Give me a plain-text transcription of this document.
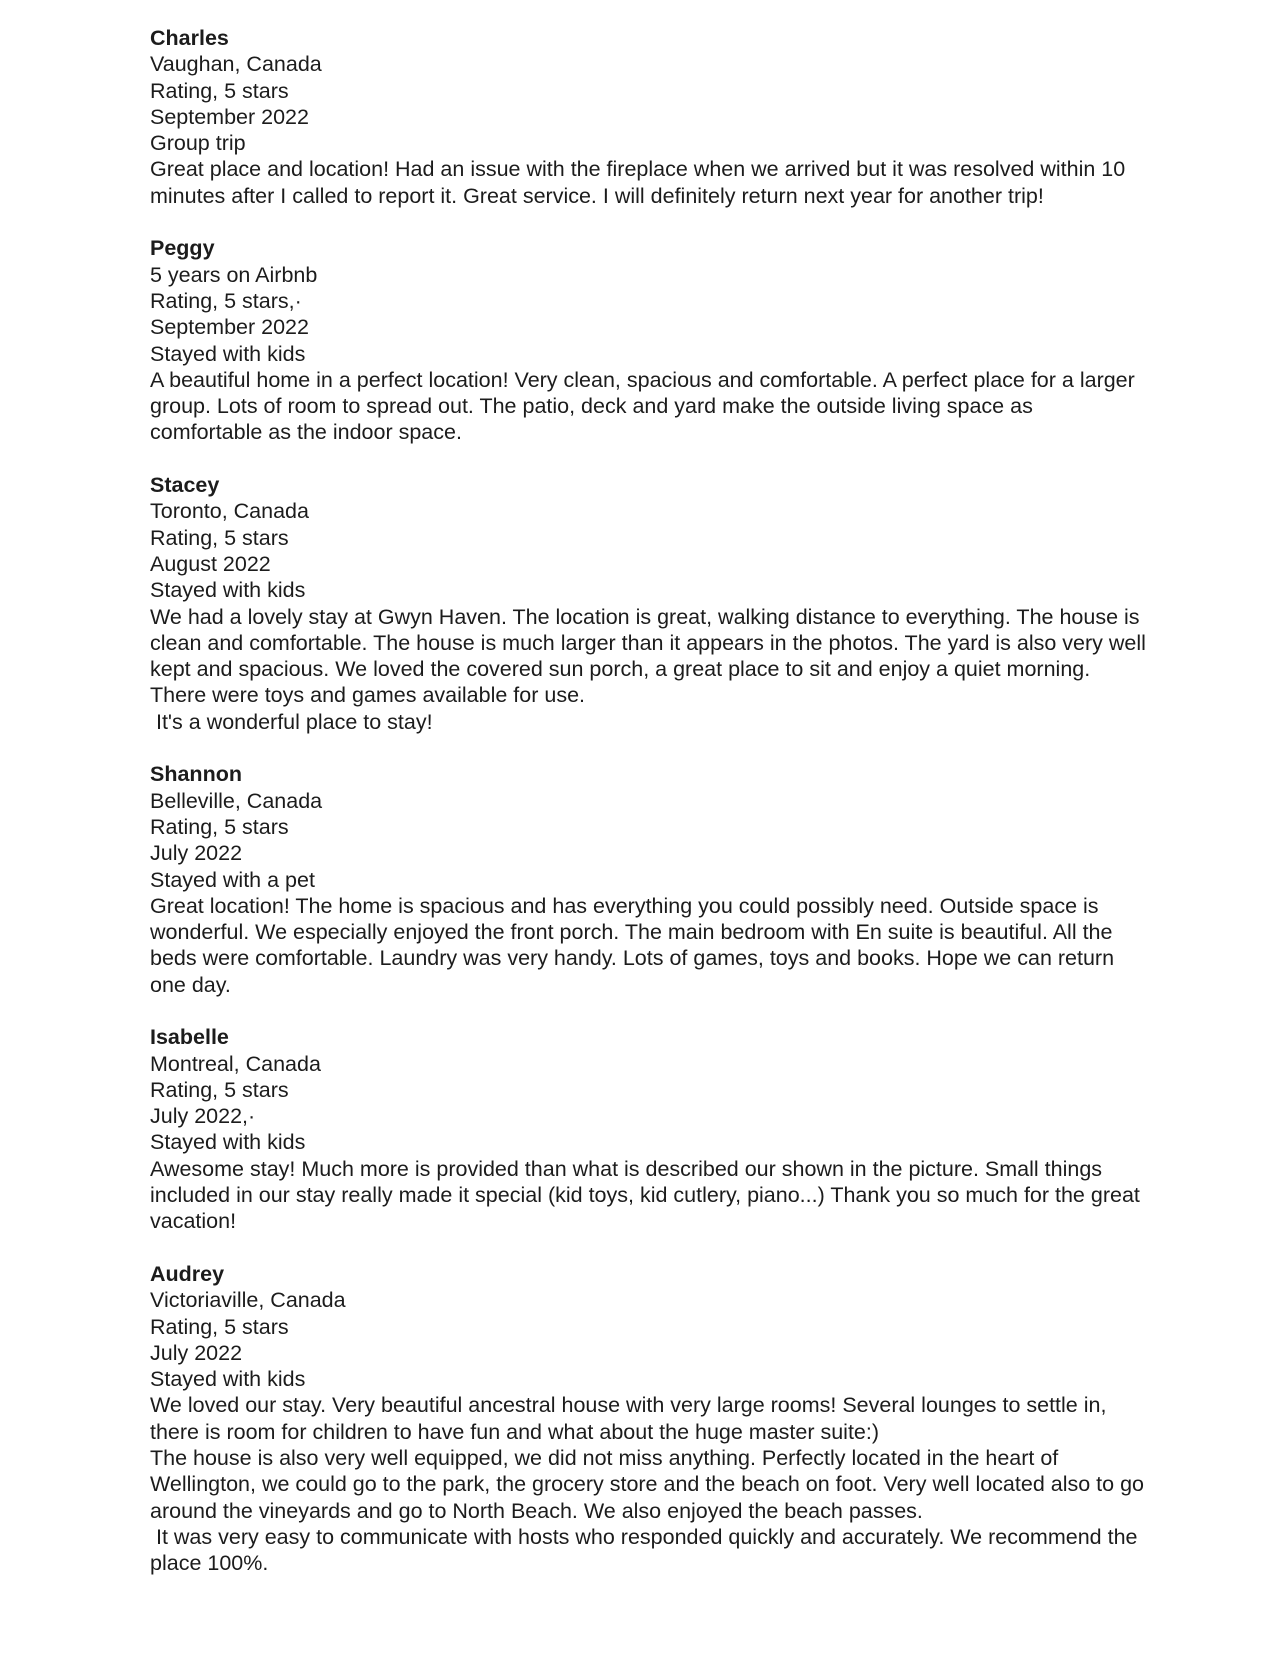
Charles
Vaughan, Canada
Rating, 5 stars
September 2022
Group trip
Great place and location! Had an issue with the fireplace when we arrived but it was resolved within 10 minutes after I called to report it. Great service. I will definitely return next year for another trip!
Peggy
5 years on Airbnb
Rating, 5 stars,·
September 2022
Stayed with kids
A beautiful home in a perfect location! Very clean, spacious and comfortable. A perfect place for a larger group. Lots of room to spread out. The patio, deck and yard make the outside living space as comfortable as the indoor space.
Stacey
Toronto, Canada
Rating, 5 stars
August 2022
Stayed with kids
We had a lovely stay at Gwyn Haven. The location is great, walking distance to everything. The house is clean and comfortable. The house is much larger than it appears in the photos. The yard is also very well kept and spacious. We loved the covered sun porch, a great place to sit and enjoy a quiet morning. There were toys and games available for use.
It's a wonderful place to stay!
Shannon
Belleville, Canada
Rating, 5 stars
July 2022
Stayed with a pet
Great location! The home is spacious and has everything you could possibly need. Outside space is wonderful. We especially enjoyed the front porch. The main bedroom with En suite is beautiful. All the beds were comfortable. Laundry was very handy. Lots of games, toys and books. Hope we can return one day.
Isabelle
Montreal, Canada
Rating, 5 stars
July 2022,·
Stayed with kids
Awesome stay! Much more is provided than what is described our shown in the picture. Small things included in our stay really made it special (kid toys, kid cutlery, piano...) Thank you so much for the great vacation!
Audrey
Victoriaville, Canada
Rating, 5 stars
July 2022
Stayed with kids
We loved our stay. Very beautiful ancestral house with very large rooms! Several lounges to settle in, there is room for children to have fun and what about the huge master suite:)
The house is also very well equipped, we did not miss anything. Perfectly located in the heart of Wellington, we could go to the park, the grocery store and the beach on foot. Very well located also to go around the vineyards and go to North Beach. We also enjoyed the beach passes.
It was very easy to communicate with hosts who responded quickly and accurately. We recommend the place 100%.
